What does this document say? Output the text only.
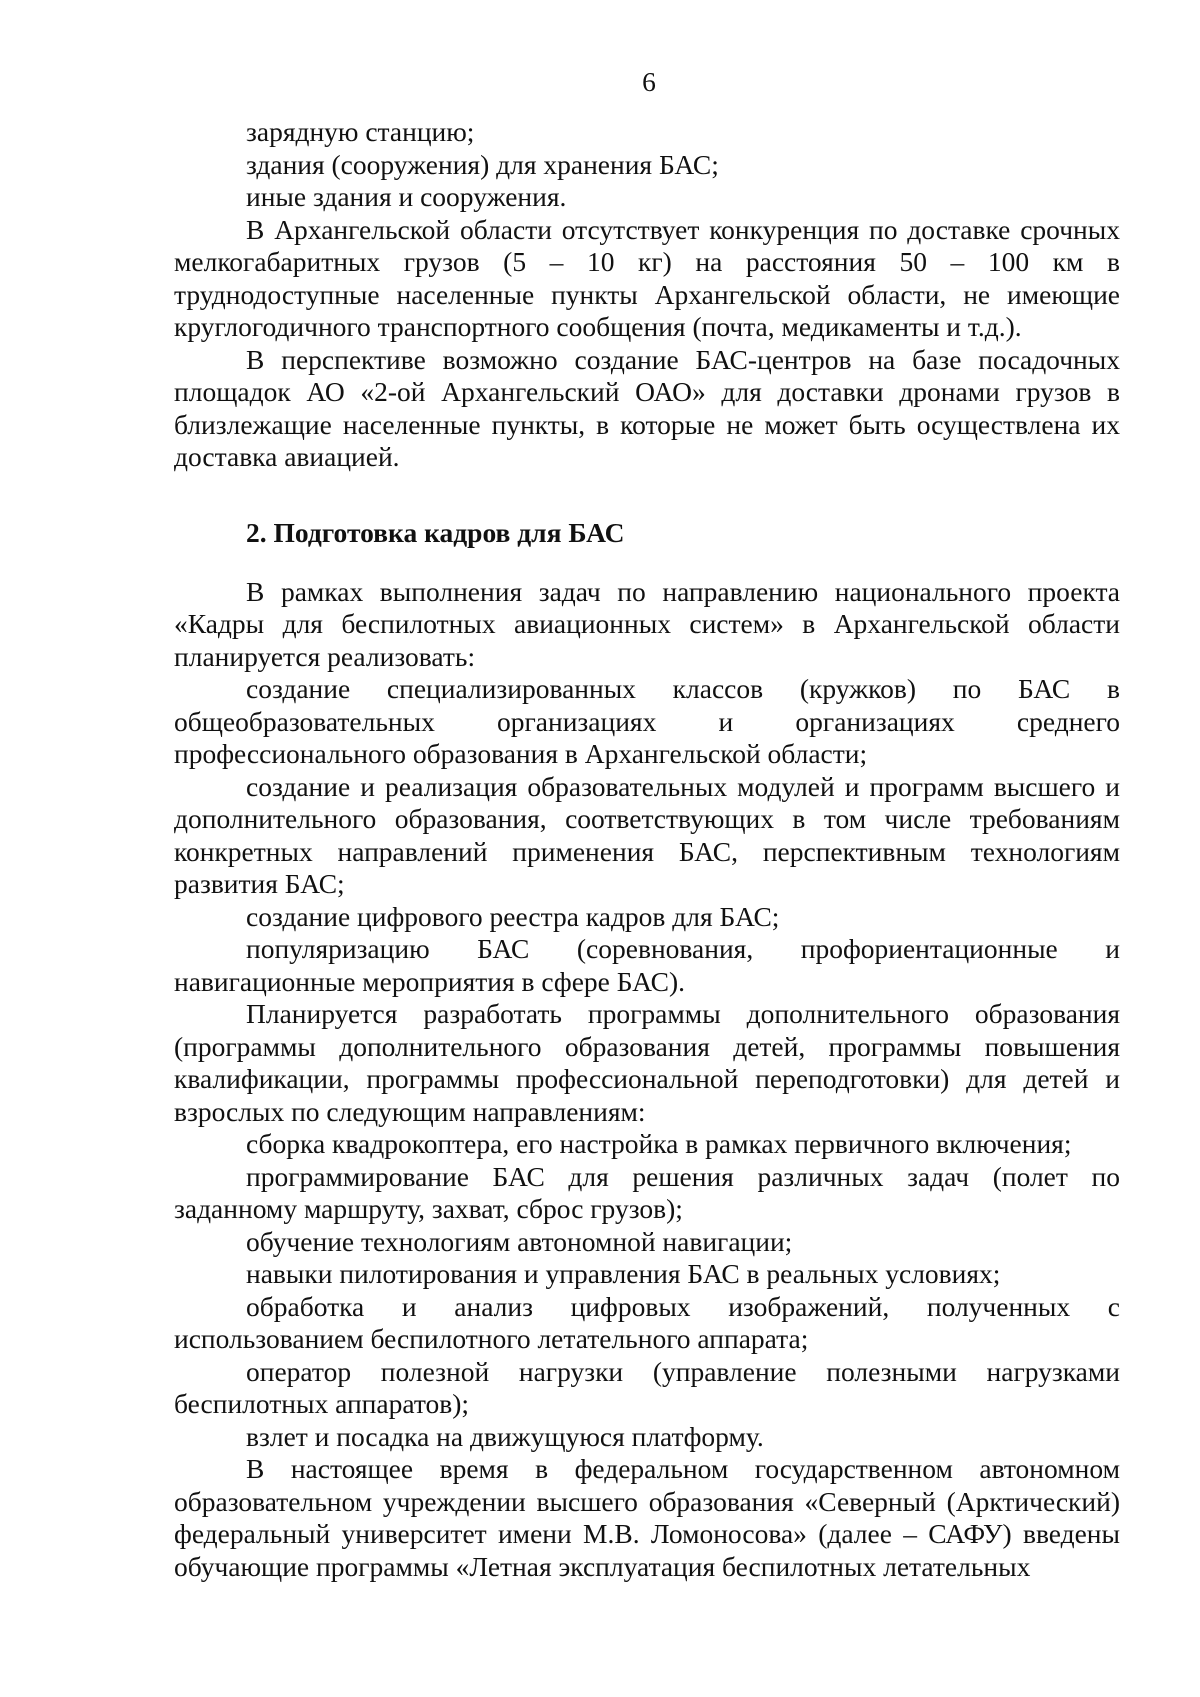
6

зарядную станцию;

здания (сооружения) для хранения БАС;

иные здания и сооружения.

В Архангельской области отсутствует конкуренция по доставке срочных мелкогабаритных грузов (5 – 10 кг) на расстояния 50 – 100 км в труднодоступные населенные пункты Архангельской области, не имеющие круглогодичного транспортного сообщения (почта, медикаменты и т.д.).

В перспективе возможно создание БАС-центров на базе посадочных площадок АО «2-ой Архангельский ОАО» для доставки дронами грузов в близлежащие населенные пункты, в которые не может быть осуществлена их доставка авиацией.

2. Подготовка кадров для БАС

В рамках выполнения задач по направлению национального проекта «Кадры для беспилотных авиационных систем» в Архангельской области планируется реализовать:

создание специализированных классов (кружков) по БАС в общеобразовательных организациях и организациях среднего профессионального образования в Архангельской области;

создание и реализация образовательных модулей и программ высшего и дополнительного образования, соответствующих в том числе требованиям конкретных направлений применения БАС, перспективным технологиям развития БАС;

создание цифрового реестра кадров для БАС;

популяризацию БАС (соревнования, профориентационные и навигационные мероприятия в сфере БАС).

Планируется разработать программы дополнительного образования (программы дополнительного образования детей, программы повышения квалификации, программы профессиональной переподготовки) для детей и взрослых по следующим направлениям:

сборка квадрокоптера, его настройка в рамках первичного включения;

программирование БАС для решения различных задач (полет по заданному маршруту, захват, сброс грузов);

обучение технологиям автономной навигации;

навыки пилотирования и управления БАС в реальных условиях;

обработка и анализ цифровых изображений, полученных с использованием беспилотного летательного аппарата;

оператор полезной нагрузки (управление полезными нагрузками беспилотных аппаратов);

взлет и посадка на движущуюся платформу.

В настоящее время в федеральном государственном автономном образовательном учреждении высшего образования «Северный (Арктический) федеральный университет имени М.В. Ломоносова» (далее – САФУ) введены обучающие программы «Летная эксплуатация беспилотных летательных
